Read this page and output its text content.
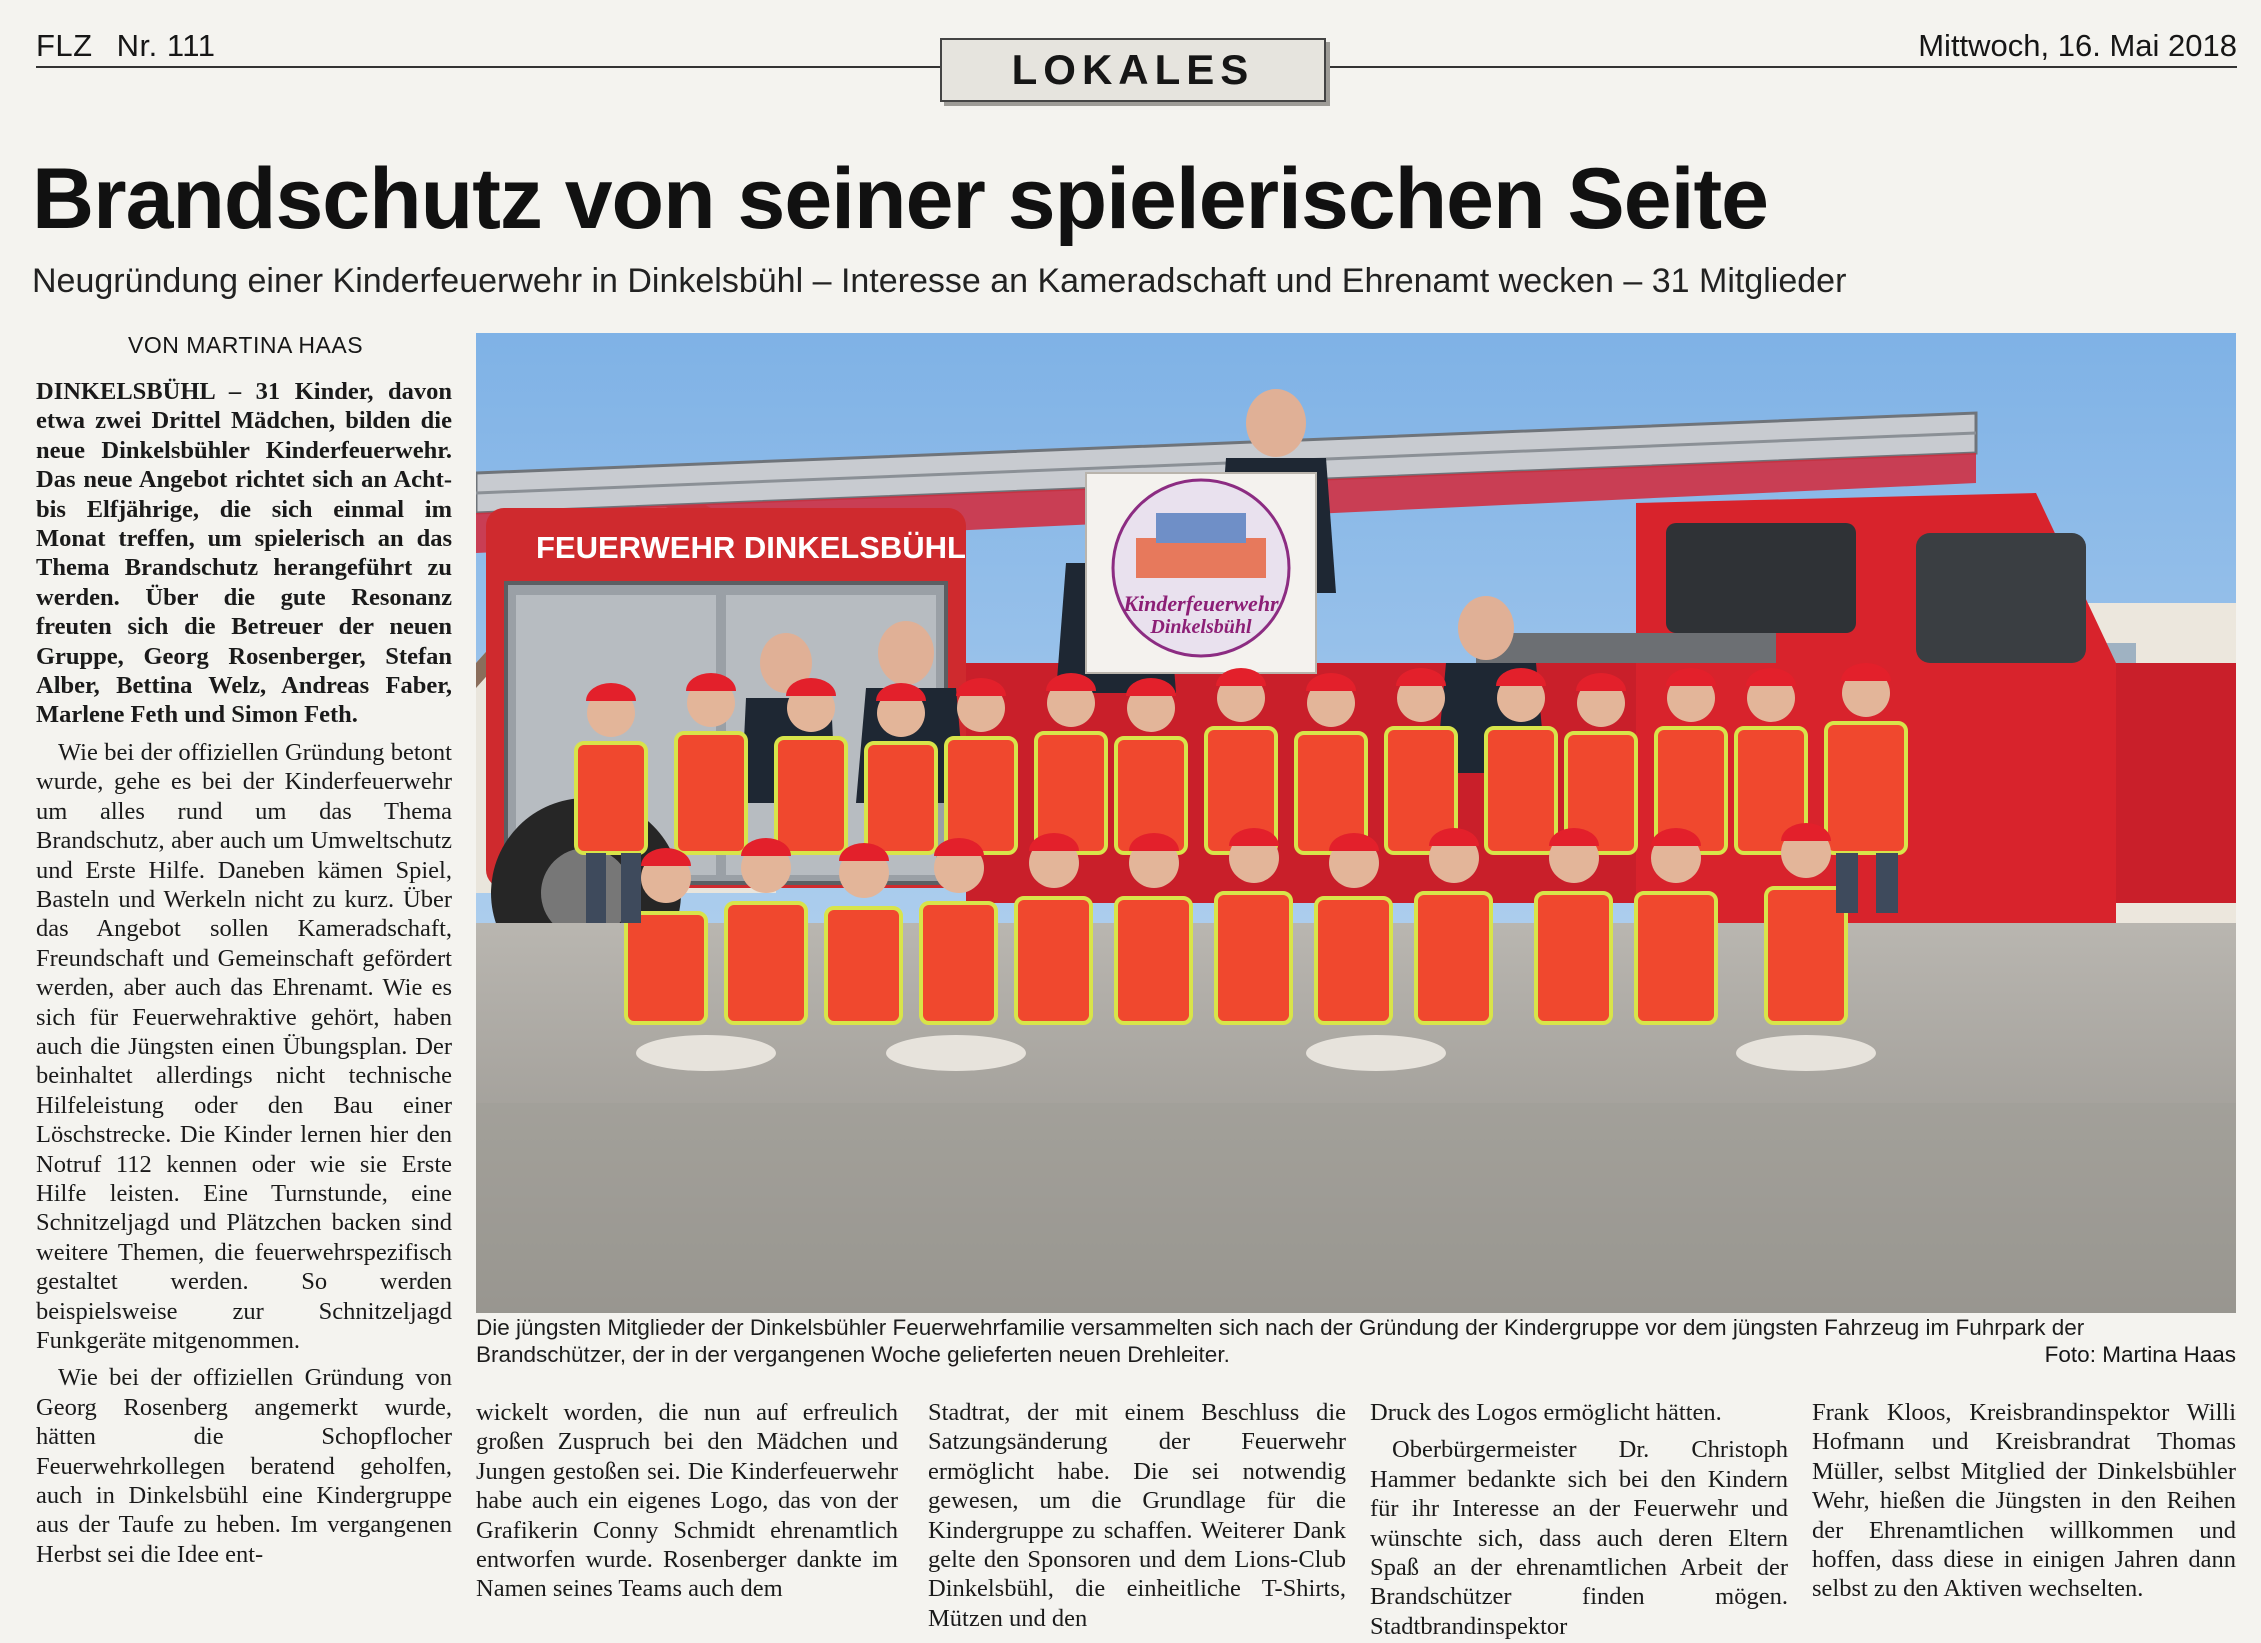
FLZ Nr. 111
LOKALES
Mittwoch, 16. Mai 2018
Brandschutz von seiner spielerischen Seite
Neugründung einer Kinderfeuerwehr in Dinkelsbühl – Interesse an Kameradschaft und Ehrenamt wecken – 31 Mitglieder
VON MARTINA HAAS

DINKELSBÜHL – 31 Kinder, davon etwa zwei Drittel Mädchen, bilden die neue Dinkelsbühler Kinderfeuerwehr. Das neue Angebot richtet sich an Acht- bis Elfjährige, die sich einmal im Monat treffen, um spielerisch an das Thema Brandschutz herangeführt zu werden. Über die gute Resonanz freuten sich die Betreuer der neuen Gruppe, Georg Rosenberger, Stefan Alber, Bettina Welz, Andreas Faber, Marlene Feth und Simon Feth.

Wie bei der offiziellen Gründung betont wurde, gehe es bei der Kinderfeuerwehr um alles rund um das Thema Brandschutz, aber auch um Umweltschutz und Erste Hilfe. Daneben kämen Spiel, Basteln und Werkeln nicht zu kurz. Über das Angebot sollen Kameradschaft, Freundschaft und Gemeinschaft gefördert werden, aber auch das Ehrenamt. Wie es sich für Feuerwehraktive gehört, haben auch die Jüngsten einen Übungsplan. Der beinhaltet allerdings nicht technische Hilfeleistung oder den Bau einer Löschstrecke. Die Kinder lernen hier den Notruf 112 kennen oder wie sie Erste Hilfe leisten. Eine Turnstunde, eine Schnitzeljagd und Plätzchen backen sind weitere Themen, die feuerwehrspezifisch gestaltet werden. So werden beispielsweise zur Schnitzeljagd Funkgeräte mitgenommen.

Wie bei der offiziellen Gründung von Georg Rosenberg angemerkt wurde, hätten die Schopflocher Feuerwehrkollegen beratend geholfen, auch in Dinkelsbühl eine Kindergruppe aus der Taufe zu heben. Im vergangenen Herbst sei die Idee ent-

FEUERWEHR DINKELSBÜHL
Kinderfeuerwehr
Dinkelsbühl
Die jüngsten Mitglieder der Dinkelsbühler Feuerwehrfamilie versammelten sich nach der Gründung der Kindergruppe vor dem jüngsten Fahrzeug im Fuhrpark der Brandschützer, der in der vergangenen Woche gelieferten neuen Drehleiter.	Foto: Martina Haas

wickelt worden, die nun auf erfreulich großen Zuspruch bei den Mädchen und Jungen gestoßen sei. Die Kinderfeuerwehr habe auch ein eigenes Logo, das von der Grafikerin Conny Schmidt ehrenamtlich entworfen wurde. Rosenberger dankte im Namen seines Teams auch dem

Stadtrat, der mit einem Beschluss die Satzungsänderung der Feuerwehr ermöglicht habe. Die sei notwendig gewesen, um die Grundlage für die Kindergruppe zu schaffen. Weiterer Dank gelte den Sponsoren und dem Lions-Club Dinkelsbühl, die einheitliche T-Shirts, Mützen und den

Druck des Logos ermöglicht hätten.

Oberbürgermeister Dr. Christoph Hammer bedankte sich bei den Kindern für ihr Interesse an der Feuerwehr und wünschte sich, dass auch deren Eltern Spaß an der ehrenamtlichen Arbeit der Brandschützer finden mögen. Stadtbrandinspektor

Frank Kloos, Kreisbrandinspektor Willi Hofmann und Kreisbrandrat Thomas Müller, selbst Mitglied der Dinkelsbühler Wehr, hießen die Jüngsten in den Reihen der Ehrenamtlichen willkommen und hoffen, dass diese in einigen Jahren dann selbst zu den Aktiven wechselten.
